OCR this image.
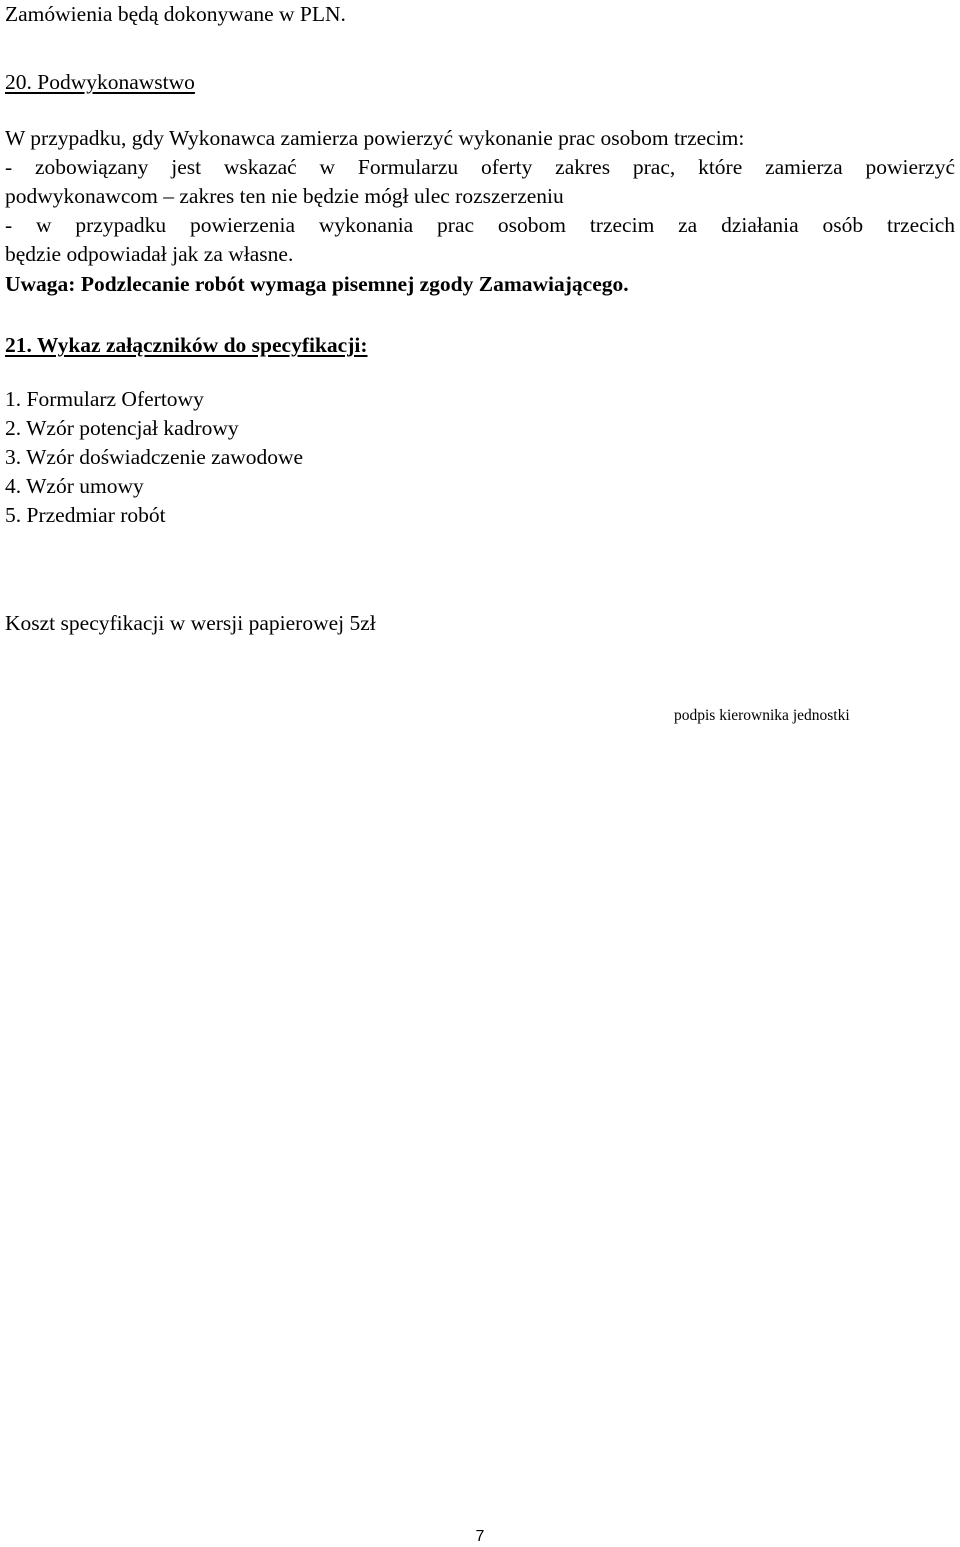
Zamówienia będą dokonywane w PLN.
20. Podwykonawstwo
W przypadku, gdy Wykonawca zamierza powierzyć wykonanie prac osobom trzecim:
- zobowiązany jest wskazać w Formularzu oferty zakres prac, które zamierza powierzyć
podwykonawcom – zakres ten nie będzie mógł ulec rozszerzeniu
- w przypadku powierzenia wykonania prac osobom trzecim za działania osób trzecich
będzie odpowiadał jak za własne.
Uwaga: Podzlecanie robót wymaga pisemnej zgody Zamawiającego.
21. Wykaz załączników do specyfikacji:
1. Formularz Ofertowy
2. Wzór potencjał kadrowy
3. Wzór doświadczenie zawodowe
4. Wzór umowy
5. Przedmiar robót
Koszt specyfikacji w wersji papierowej 5zł
podpis kierownika jednostki
7
